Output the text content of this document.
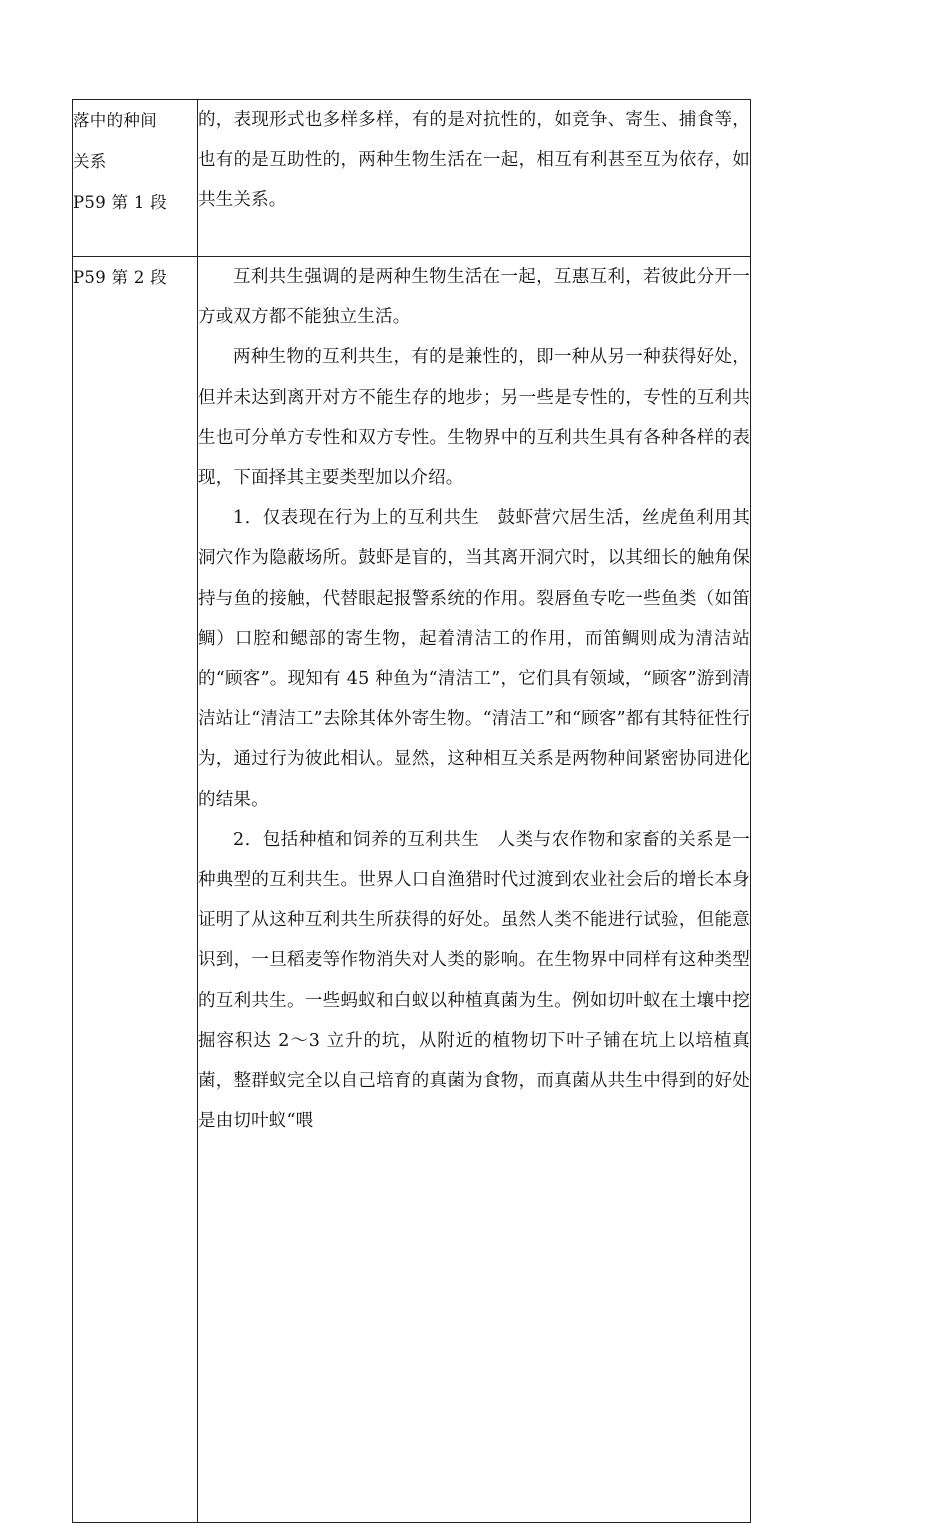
落中的种间
关系
P59 第 1 段	的，表现形式也多样多样，有的是对抗性的，如竞争、寄生、捕食等，也有的是互助性的，两种生物生活在一起，相互有利甚至互为依存，如共生关系。

P59 第 2 段	互利共生强调的是两种生物生活在一起，互惠互利，若彼此分开一方或双方都不能独立生活。

两种生物的互利共生，有的是兼性的，即一种从另一种获得好处，但并未达到离开对方不能生存的地步；另一些是专性的，专性的互利共生也可分单方专性和双方专性。生物界中的互利共生具有各种各样的表现，下面择其主要类型加以介绍。

1．仅表现在行为上的互利共生　鼓虾营穴居生活，丝虎鱼利用其洞穴作为隐蔽场所。鼓虾是盲的，当其离开洞穴时，以其细长的触角保持与鱼的接触，代替眼起报警系统的作用。裂唇鱼专吃一些鱼类（如笛鲷）口腔和鳃部的寄生物，起着清洁工的作用，而笛鲷则成为清洁站的“顾客”。现知有 45 种鱼为“清洁工”，它们具有领域，“顾客”游到清洁站让“清洁工”去除其体外寄生物。“清洁工”和“顾客”都有其特征性行为，通过行为彼此相认。显然，这种相互关系是两物种间紧密协同进化的结果。

2．包括种植和饲养的互利共生　人类与农作物和家畜的关系是一种典型的互利共生。世界人口自渔猎时代过渡到农业社会后的增长本身证明了从这种互利共生所获得的好处。虽然人类不能进行试验，但能意识到，一旦稻麦等作物消失对人类的影响。在生物界中同样有这种类型的互利共生。一些蚂蚁和白蚁以种植真菌为生。例如切叶蚁在土壤中挖掘容积达 2～3 立升的坑，从附近的植物切下叶子铺在坑上以培植真菌，整群蚁完全以自己培育的真菌为食物，而真菌从共生中得到的好处是由切叶蚁“喂
